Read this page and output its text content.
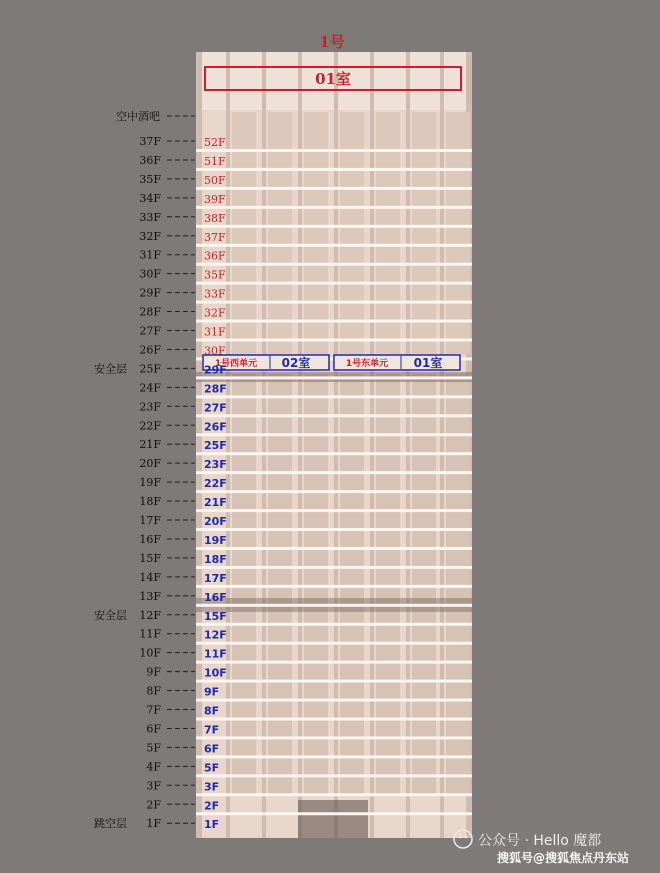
1号
01室
1号西单元 02室	1号东单元 01室
空中酒吧
安全层
安全层
跳空层
37F
36F
35F
34F
33F
32F
31F
30F
29F
28F
27F
26F
25F
24F
23F
22F
21F
20F
19F
18F
17F
16F
15F
14F
13F
12F
11F
10F
9F
8F
7F
6F
5F
4F
3F
2F
1F
52F
51F
50F
39F
38F
37F
36F
35F
33F
32F
31F
30F
29F
28F
27F
26F
25F
23F
22F
21F
20F
19F
18F
17F
16F
15F
12F
11F
10F
9F
8F
7F
6F
5F
3F
2F
1F
公众号 · Hello 魔都
搜狐号@搜狐焦点丹东站
